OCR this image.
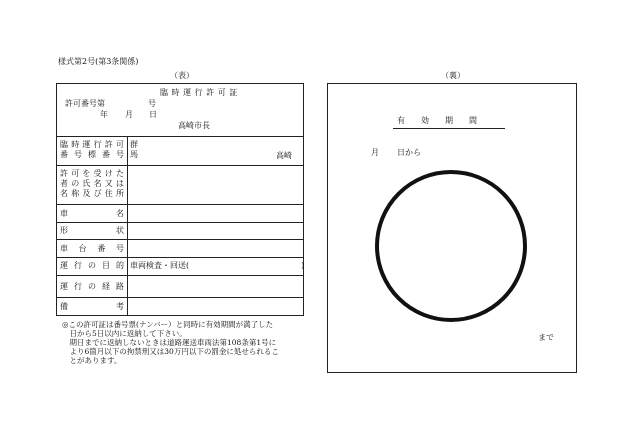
様式第2号(第3条関係)
（表）	（裏）
臨 時 運 行 許 可 証
許可番号第	号
年 月 日
高崎市長
臨時運行許可
番号標番号
群馬	高崎
許可を受けた
者の氏名又は
名称及び住所
車名
形状
車台番号
運行の目的 車両検査・回送(　　　　　　　　　　　　　　)
運行の経路
備考
◎この許可証は番号票(ナンバー）と同時に有効期間が満了した
　日から5日以内に返納して下さい。
　期日までに返納しないときは道路運送車両法第108条第1号に
　より6箇月以下の拘禁刑又は30万円以下の罰金に処せられるこ
　とがあります。
有　　効　　期　　間
月 日から
まで
